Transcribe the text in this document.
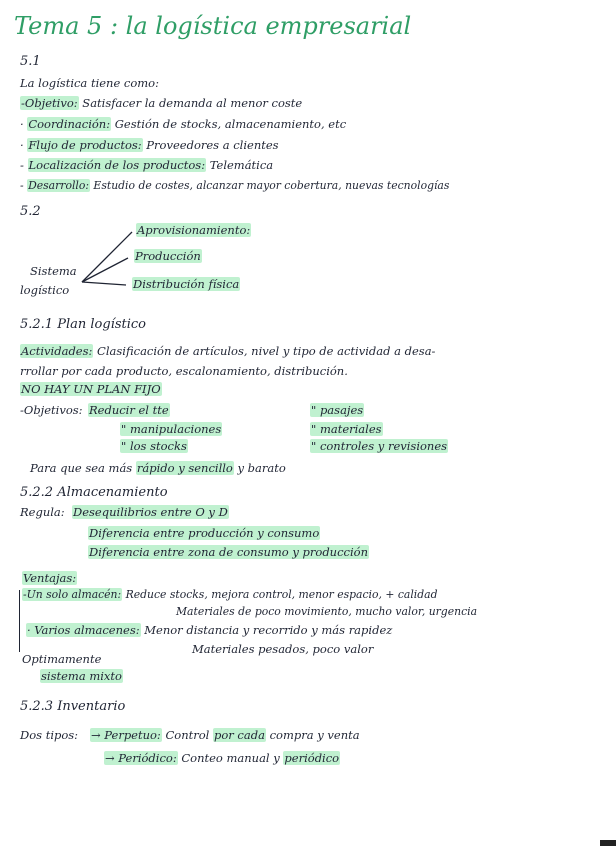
Tema 5 : la logística empresarial
5.1
La logística tiene como:
-Objetivo: Satisfacer la demanda al menor coste
· Coordinación: Gestión de stocks, almacenamiento, etc
· Flujo de productos: Proveedores a clientes
- Localización de los productos: Telemática
- Desarrollo: Estudio de costes, alcanzar mayor cobertura, nuevas tecnologías
5.2
Sistema
logístico
Aprovisionamiento:
Producción
Distribución física
5.2.1 Plan logístico
Actividades: Clasificación de artículos, nivel y tipo de actividad a desa-
rrollar por cada producto, escalonamiento, distribución.
NO HAY UN PLAN FIJO
-Objetivos: Reducir el tte
" manipulaciones
" los stocks
" pasajes
" materiales
" controles y revisiones
Para que sea más rápido y sencillo y barato
5.2.2 Almacenamiento
Regula: Desequilibrios entre O y D
Diferencia entre producción y consumo
Diferencia entre zona de consumo y producción
Ventajas:
-Un solo almacén: Reduce stocks, mejora control, menor espacio, + calidad
Materiales de poco movimiento, mucho valor, urgencia
· Varios almacenes: Menor distancia y recorrido y más rapidez
Materiales pesados, poco valor
Optimamente
sistema mixto
5.2.3 Inventario
Dos tipos: → Perpetuo: Control por cada compra y venta
→ Periódico: Conteo manual y periódico
